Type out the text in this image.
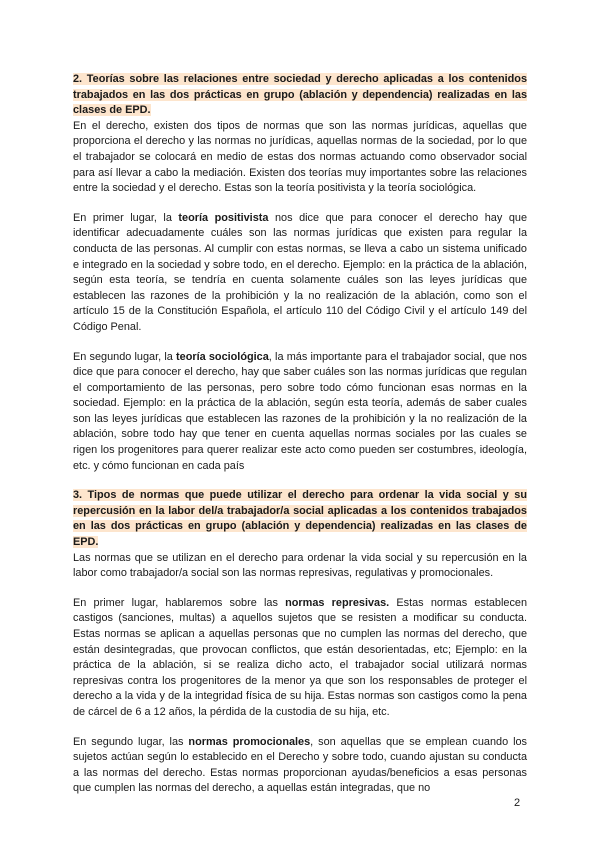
2. Teorías sobre las relaciones entre sociedad y derecho aplicadas a los contenidos trabajados en las dos prácticas en grupo (ablación y dependencia) realizadas en las clases de EPD.

En el derecho, existen dos tipos de normas que son las normas jurídicas, aquellas que proporciona el derecho y las normas no jurídicas, aquellas normas de la sociedad, por lo que el trabajador se colocará en medio de estas dos normas actuando como observador social para así llevar a cabo la mediación. Existen dos teorías muy importantes sobre las relaciones entre la sociedad y el derecho. Estas son la teoría positivista y la teoría sociológica.

En primer lugar, la teoría positivista nos dice que para conocer el derecho hay que identificar adecuadamente cuáles son las normas jurídicas que existen para regular la conducta de las personas. Al cumplir con estas normas, se lleva a cabo un sistema unificado e integrado en la sociedad y sobre todo, en el derecho. Ejemplo: en la práctica de la ablación, según esta teoría, se tendría en cuenta solamente cuáles son las leyes jurídicas que establecen las razones de la prohibición y la no realización de la ablación, como son el artículo 15 de la Constitución Española, el artículo 110 del Código Civil y el artículo 149 del Código Penal.

En segundo lugar, la teoría sociológica, la más importante para el trabajador social, que nos dice que para conocer el derecho, hay que saber cuáles son las normas jurídicas que regulan el comportamiento de las personas, pero sobre todo cómo funcionan esas normas en la sociedad. Ejemplo: en la práctica de la ablación, según esta teoría, además de saber cuales son las leyes jurídicas que establecen las razones de la prohibición y la no realización de la ablación, sobre todo hay que tener en cuenta aquellas normas sociales por las cuales se rigen los progenitores para querer realizar este acto como pueden ser costumbres, ideología, etc. y cómo funcionan en cada país

3. Tipos de normas que puede utilizar el derecho para ordenar la vida social y su repercusión en la labor del/a trabajador/a social aplicadas a los contenidos trabajados en las dos prácticas en grupo (ablación y dependencia) realizadas en las clases de EPD.

Las normas que se utilizan en el derecho para ordenar la vida social y su repercusión en la labor como trabajador/a social son las normas represivas, regulativas y promocionales.

En primer lugar, hablaremos sobre las normas represivas. Estas normas establecen castigos (sanciones, multas) a aquellos sujetos que se resisten a modificar su conducta. Estas normas se aplican a aquellas personas que no cumplen las normas del derecho, que están desintegradas, que provocan conflictos, que están desorientadas, etc; Ejemplo: en la práctica de la ablación, si se realiza dicho acto, el trabajador social utilizará normas represivas contra los progenitores de la menor ya que son los responsables de proteger el derecho a la vida y de la integridad física de su hija. Estas normas son castigos como la pena de cárcel de 6 a 12 años, la pérdida de la custodia de su hija, etc.

En segundo lugar, las normas promocionales, son aquellas que se emplean cuando los sujetos actúan según lo establecido en el Derecho y sobre todo, cuando ajustan su conducta a las normas del derecho. Estas normas proporcionan ayudas/beneficios a esas personas que cumplen las normas del derecho, a aquellas están integradas, que no

2
